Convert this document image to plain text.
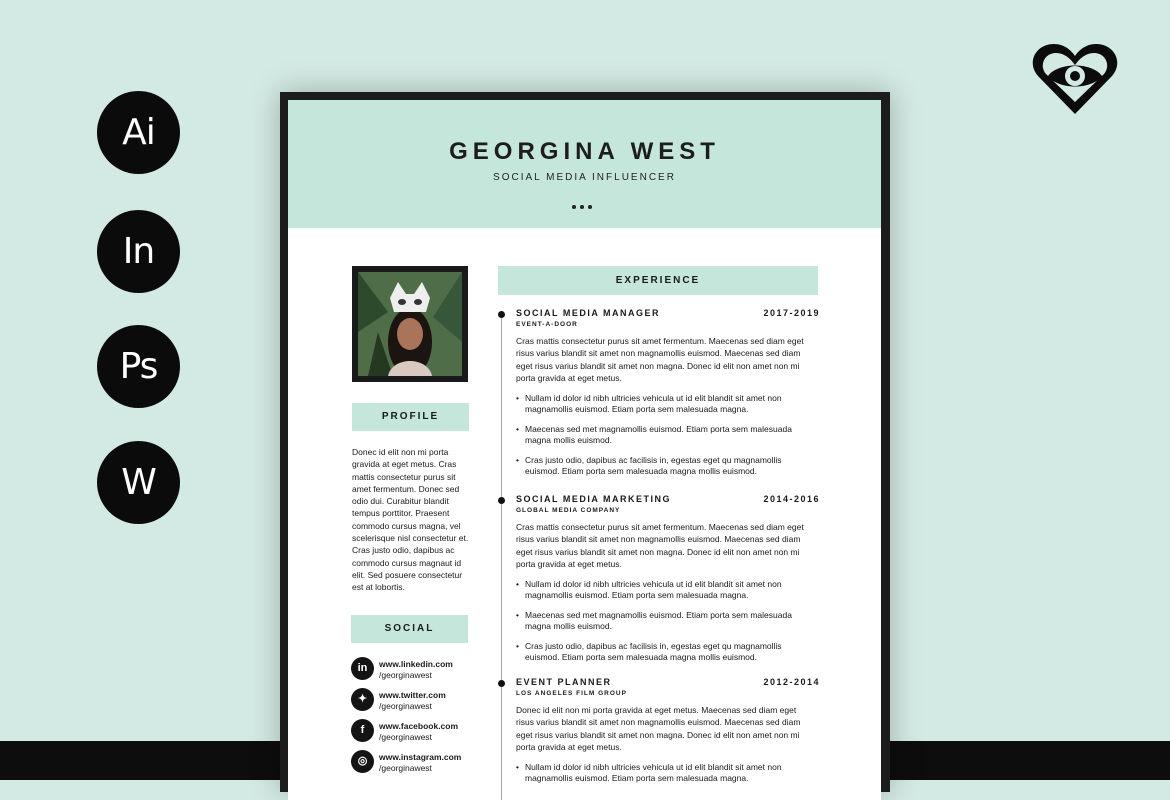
Ai
In
Ps
W
GEORGINA WEST
SOCIAL MEDIA INFLUENCER
PROFILE
Donec id elit non mi porta gravida at eget metus. Cras mattis consectetur purus sit amet fermentum. Donec sed odio dui. Curabitur blandit tempus porttitor. Praesent commodo cursus magna, vel scelerisque nisl consectetur et. Cras justo odio, dapibus ac commodo cursus magnaut id elit. Sed posuere consectetur est at lobortis.
SOCIAL
in	www.linkedin.com
/georginawest
✦	www.twitter.com
/georginawest
f	www.facebook.com
/georginawest
◎	www.instagram.com
/georginawest
EXPERIENCE
SOCIAL MEDIA MANAGER	2017-2019
EVENT-A-DOOR
Cras mattis consectetur purus sit amet fermentum. Maecenas sed diam eget risus varius blandit sit amet non magnamollis euismod. Maecenas sed diam eget risus varius blandit sit amet non magna. Donec id elit non amet non mi porta gravida at eget metus.
• Nullam id dolor id nibh ultricies vehicula ut id elit blandit sit amet non magnamollis euismod. Etiam porta sem malesuada magna.
• Maecenas sed met magnamollis euismod. Etiam porta sem malesuada magna mollis euismod.
• Cras justo odio, dapibus ac facilisis in, egestas eget qu magnamollis euismod. Etiam porta sem malesuada magna mollis euismod.
SOCIAL MEDIA MARKETING	2014-2016
GLOBAL MEDIA COMPANY
Cras mattis consectetur purus sit amet fermentum. Maecenas sed diam eget risus varius blandit sit amet non magnamollis euismod. Maecenas sed diam eget risus varius blandit sit amet non magna. Donec id elit non amet non mi porta gravida at eget metus.
• Nullam id dolor id nibh ultricies vehicula ut id elit blandit sit amet non magnamollis euismod. Etiam porta sem malesuada magna.
• Maecenas sed met magnamollis euismod. Etiam porta sem malesuada magna mollis euismod.
• Cras justo odio, dapibus ac facilisis in, egestas eget qu magnamollis euismod. Etiam porta sem malesuada magna mollis euismod.
EVENT PLANNER	2012-2014
LOS ANGELES FILM GROUP
Donec id elit non mi porta gravida at eget metus. Maecenas sed diam eget risus varius blandit sit amet non magnamollis euismod. Maecenas sed diam eget risus varius blandit sit amet non magna. Donec id elit non amet non mi porta gravida at eget metus.
• Nullam id dolor id nibh ultricies vehicula ut id elit blandit sit amet non magnamollis euismod. Etiam porta sem malesuada magna.
